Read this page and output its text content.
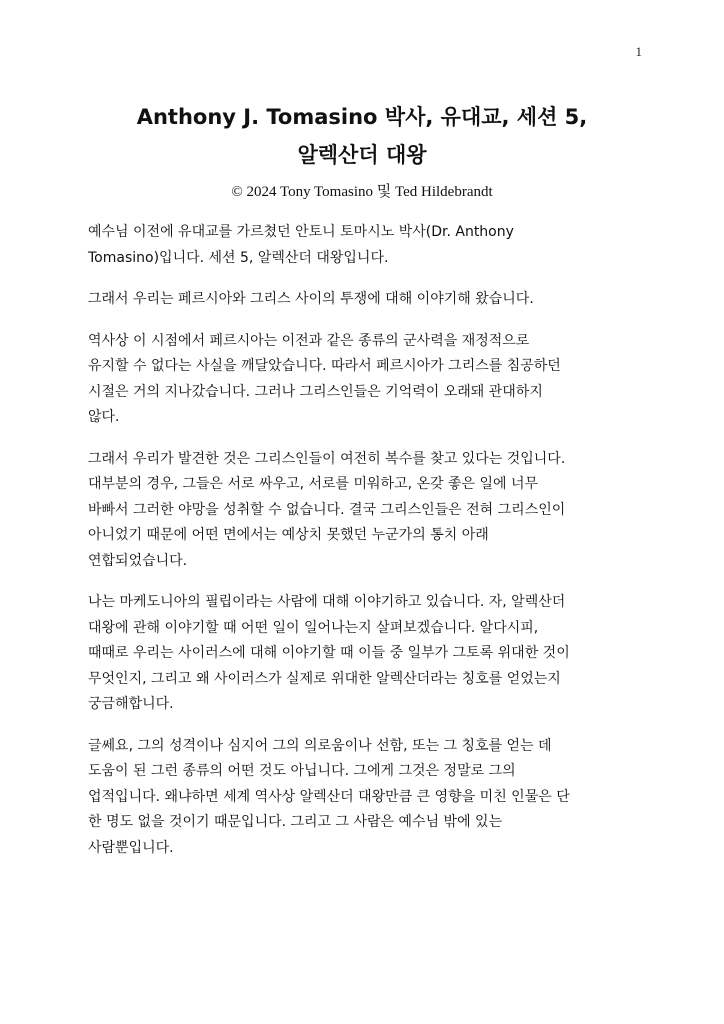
1
Anthony J. Tomasino 박사, 유대교, 세션 5,
알렉산더 대왕
© 2024 Tony Tomasino 및 Ted Hildebrandt
예수님 이전에 유대교를 가르쳤던 안토니 토마시노 박사(Dr. Anthony
Tomasino)입니다. 세션 5, 알렉산더 대왕입니다.
그래서 우리는 페르시아와 그리스 사이의 투쟁에 대해 이야기해 왔습니다.
역사상 이 시점에서 페르시아는 이전과 같은 종류의 군사력을 재정적으로
유지할 수 없다는 사실을 깨달았습니다. 따라서 페르시아가 그리스를 침공하던
시절은 거의 지나갔습니다. 그러나 그리스인들은 기억력이 오래돼 관대하지
않다.
그래서 우리가 발견한 것은 그리스인들이 여전히 복수를 찾고 있다는 것입니다.
대부분의 경우, 그들은 서로 싸우고, 서로를 미워하고, 온갖 좋은 일에 너무
바빠서 그러한 야망을 성취할 수 없습니다. 결국 그리스인들은 전혀 그리스인이
아니었기 때문에 어떤 면에서는 예상치 못했던 누군가의 통치 아래
연합되었습니다.
나는 마케도니아의 필립이라는 사람에 대해 이야기하고 있습니다. 자, 알렉산더
대왕에 관해 이야기할 때 어떤 일이 일어나는지 살펴보겠습니다. 알다시피,
때때로 우리는 사이러스에 대해 이야기할 때 이들 중 일부가 그토록 위대한 것이
무엇인지, 그리고 왜 사이러스가 실제로 위대한 알렉산더라는 칭호를 얻었는지
궁금해합니다.
글쎄요, 그의 성격이나 심지어 그의 의로움이나 선함, 또는 그 칭호를 얻는 데
도움이 된 그런 종류의 어떤 것도 아닙니다. 그에게 그것은 정말로 그의
업적입니다. 왜냐하면 세계 역사상 알렉산더 대왕만큼 큰 영향을 미친 인물은 단
한 명도 없을 것이기 때문입니다. 그리고 그 사람은 예수님 밖에 있는
사람뿐입니다.
